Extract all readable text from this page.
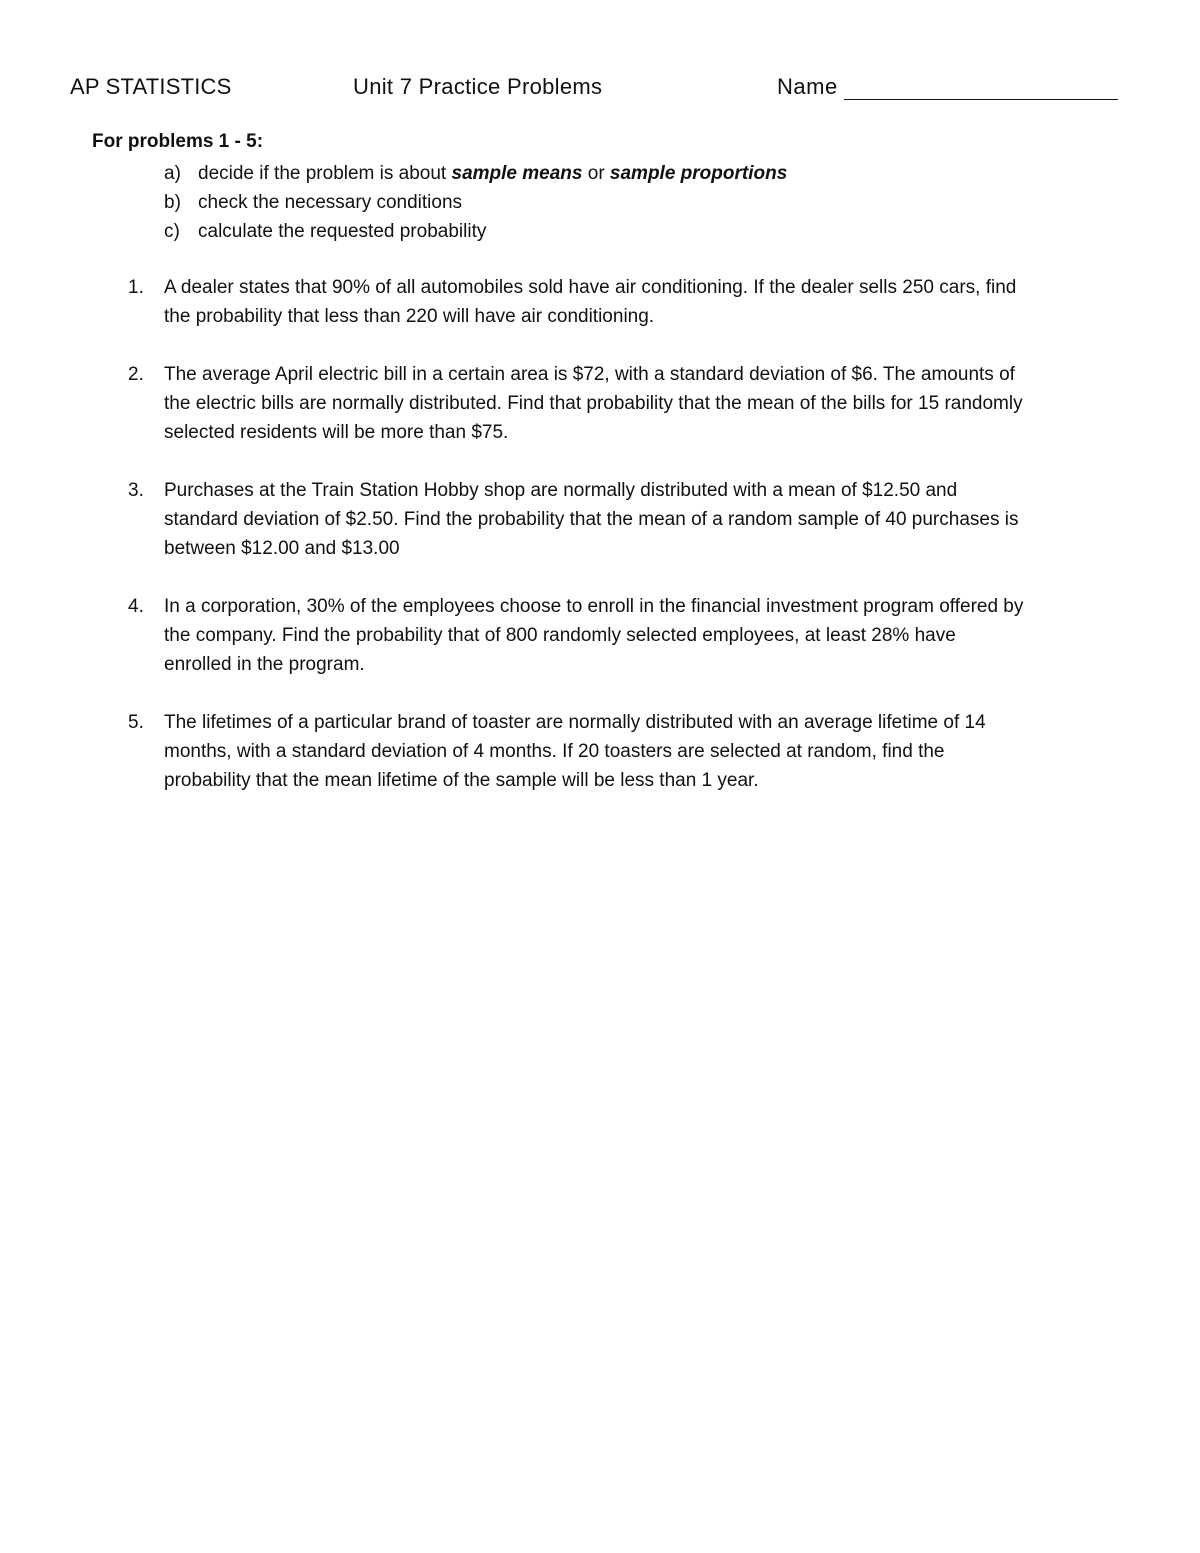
AP STATISTICS	Unit 7 Practice Problems	Name
For problems 1 - 5:
a) decide if the problem is about sample means or sample proportions
b) check the necessary conditions
c) calculate the requested probability
1. A dealer states that 90% of all automobiles sold have air conditioning. If the dealer sells 250 cars, find the probability that less than 220 will have air conditioning.
2. The average April electric bill in a certain area is $72, with a standard deviation of $6. The amounts of the electric bills are normally distributed. Find that probability that the mean of the bills for 15 randomly selected residents will be more than $75.
3. Purchases at the Train Station Hobby shop are normally distributed with a mean of $12.50 and standard deviation of $2.50. Find the probability that the mean of a random sample of 40 purchases is between $12.00 and $13.00
4. In a corporation, 30% of the employees choose to enroll in the financial investment program offered by the company. Find the probability that of 800 randomly selected employees, at least 28% have enrolled in the program.
5. The lifetimes of a particular brand of toaster are normally distributed with an average lifetime of 14 months, with a standard deviation of 4 months. If 20 toasters are selected at random, find the probability that the mean lifetime of the sample will be less than 1 year.
